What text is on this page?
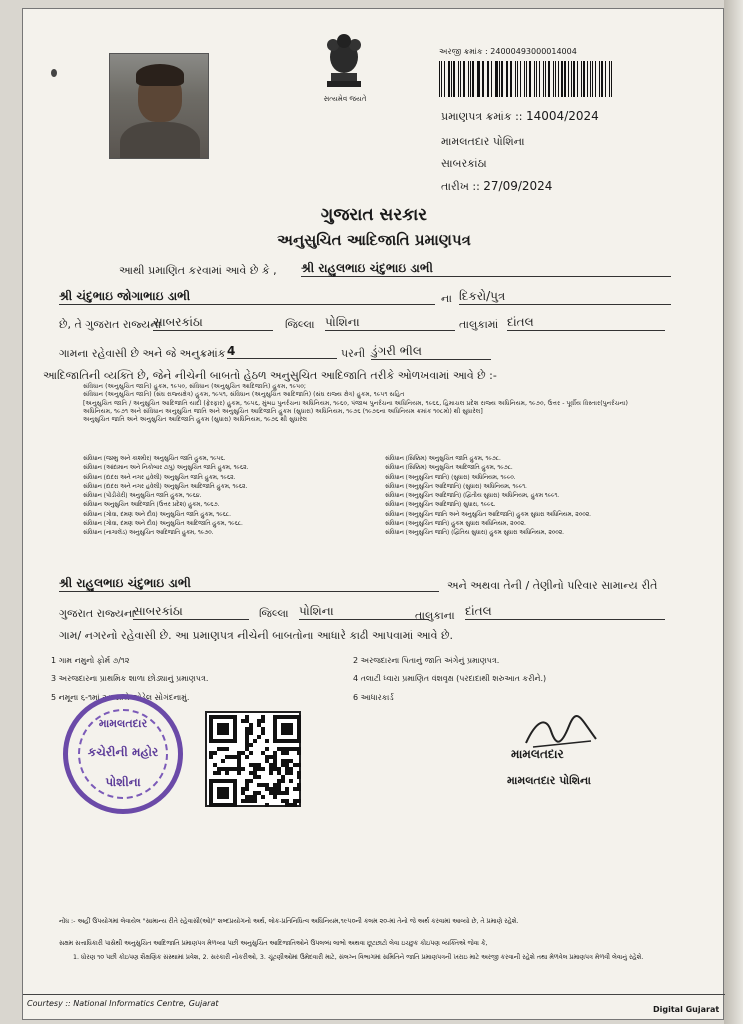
સત્યમેવ જયતે
અરજી ક્રમાંક : 24000493000014004
પ્રમાણપત્ર ક્રમાંક :: 14004/2024
મામલતદાર પોશિના
સાબરકાંઠા
તારીખ :: 27/09/2024
ગુજરાત સરકાર
અનુસુચિત આદિજાતિ પ્રમાણપત્ર
આથી પ્રમાણિત કરવામાં આવે છે કે , શ્રી રાહુલભાઇ ચંદુભાઇ ડાભી
શ્રી ચંદુભાઇ જોગાભાઇ ડાભી	ના દિકરો/પુત્ર
છે, તે ગુજરાત રાજ્યના
સાબરકાંઠા	જિલ્લા પોશિના	તાલુકામાં દાંતલ
ગામના રહેવાસી છે અને જે અનુક્રમાંક 4	પરની ડુંગરી ભીલ
આદિજાતિની વ્યક્તિ છે, જેને નીચેની બાબતો હેઠળ અનુસુચિત આદિજાતિ તરીકે ઓળખવામાં આવે છે :-
સંવિધાન (અનુસુચિત જાતિ) હુકમ, ૧૯૫૦, સંવિધાન (અનુસુચિત આદિજાતિ) હુકમ, ૧૯૫૦;
સંવિધાન (અનુસુચિત જાતિ) (સંઘ રાજ્યક્ષેત્ર) હુકમ, ૧૯૫૧, સંવિધાન (અનુસુચિત આદિજાતિ) (સંઘ રાજ્ય ક્ષેત્ર) હુકમ, ૧૯૫૧ સહિત
[અનુસુચિત જાતિ / અનુસુચિત આદિજાતિ યાદી (ફેરફાર) હુકમ, ૧૯૫૬, મુંબઇ પુનર્રચના અધિનિયમ, ૧૯૬૦, પંજાબ પુનર્રચના અધિનિયમ, ૧૯૬૬, હિમાચલ પ્રદેશ રાજ્ય અધિનિયમ, ૧૯૭૦, ઉત્તર - પૂર્વીય વિસ્તાર(પુનર્રચના)
અધિનિયમ, ૧૯૭૧ અને સંવિધાન અનુસુચિત જાતિ અને અનુસુચિત આદિજાતિ હુકમ (સુધારા) અધિનિયમ, ૧૯૭૬ (૧૯૭૬ના અધિનિયમ ક્રમાંક ૧૦૮મો) થી સુધારેલ]
અનુસુચિત જાતિ અને અનુસુચિત આદિજાતિ હુકમ (સુધારા) અધિનિયમ, ૧૯૭૬ થી સુધારેલ
સંવિધાન (જમ્મુ અને કાશ્મીર) અનુસુચિત જાતિ હુકમ, ૧૯૫૬.
સંવિધાન (આંદામાન અને નિકોબાર ટાપુ) અનુસુચિત જાતિ હુકમ, ૧૯૬૨.
સંવિધાન (દાદરા અને નગર હવેલી) અનુસુચિત જાતિ હુકમ, ૧૯૬૨.
સંવિધાન (દાદરા અને નગર હવેલી) અનુસુચિત આદિજાતિ હુકમ, ૧૯૬૨.
સંવિધાન (પોંડીચેરી) અનુસુચિત જાતિ હુકમ, ૧૯૬૪.
સંવિધાન અનુસુચિત આદિજાતિ (ઉત્તર પ્રદેશ) હુકમ, ૧૯૬૭.
સંવિધાન (ગોવા, દમણ અને દીવ) અનુસુચિત જાતિ હુકમ, ૧૯૬૮.
સંવિધાન (ગોવા, દમણ અને દીવ) અનુસુચિત આદિજાતિ હુકમ, ૧૯૬૮.
સંવિધાન (નાગાલેંડ) અનુસુચિત આદિજાતિ હુકમ, ૧૯૭૦.
સંવિધાન (સિક્કિમ) અનુસુચિત જાતિ હુકમ, ૧૯૭૮.
સંવિધાન (સિક્કિમ) અનુસુચિત આદિજાતિ હુકમ, ૧૯૭૮.
સંવિધાન (અનુસુચિત જાતિ) (સુધારા) અધિનિયમ, ૧૯૯૦.
સંવિધાન (અનુસુચિત આદિજાતિ) (સુધારા) અધિનિયમ, ૧૯૯૧.
સંવિધાન (અનુસુચિત આદિજાતિ) (દ્વિતીય સુધારા) અધિનિયમ, હુકમ ૧૯૯૧.
સંવિધાન (અનુસુચિત આદિજાતિ) સુધારા, ૧૯૯૬.
સંવિધાન (અનુસુચિત જાતિ અને અનુસુચિત આદિજાતિ) હુકમ સુધારા અધિનિયમ, ૨૦૦૨.
સંવિધાન (અનુસુચિત જાતિ) હુકમ સુધારા અધિનિયમ, ૨૦૦૨.
સંવિધાન (અનુસુચિત જાતિ) (દ્વિતિય સુધારા) હુકમ સુધારા અધિનિયમ, ૨૦૦૨.
શ્રી રાહુલભાઇ ચંદુભાઇ ડાભી	અને અથવા તેની / તેણીનો પરિવાર સામાન્ય રીતે
ગુજરાત રાજ્યના
સાબરકાંઠા	જિલ્લા પોશિના	તાલુકાના દાંતલ
ગામ/ નગરનો રહેવાસી છે. આ પ્રમાણપત્ર નીચેની બાબતોના આધારે કાઢી આપવામાં આવે છે.
1 ગામ નમુનો ફોર્મ ૭/૧૨
3 અરજદારના પ્રાથમિક શાળા છોડ્યાનું પ્રમાણપત્ર.
5 નમૂના ૬-૧માં આ સાથે જોડેલ સોગંદનામું.
2 અરજદારના પિતાનું જાતિ અંગેનું પ્રમાણપત્ર.
4 તલાટી ધ્વારા પ્રમાણિત વંશવૃક્ષ (પરદાદાથી શરુઆત કરીને.)
6 આધારકાર્ડ
મામલતદાર
કચેરીની મહોર
પોશીના
મામલતદાર
મામલતદાર પોશિના
નોંધ :- અહીં ઉપયોગમાં લેવાયેલ "સામાન્ય રીતે રહેવાસી(ઓ)" શબ્દપ્રયોગનો અર્થ, લોક-પ્રતિનિધિત્વ અધિનિયમ,૧૯૫૦ની કલમ ૨૦-માં તેનો જે અર્થ કરવામાં આવ્યો છે, તે પ્રમાણે રહેશે.
સક્ષમ સત્તાધિકારી પાસેથી અનુસુચિત આદિજાતિ પ્રમાણપત્ર મેળવ્યા પછી અનુસુચિત આદિજાતિઓને ઉપલબ્ધ લાભો અથવા છૂટછાટો લેવા ઇચ્છુક કોઇપણ વ્યક્તિએ જેવા કે,
1. ધોરણ ૧૦ પછી કોઇપણ શૈક્ષણિક સંસ્થામાં પ્રવેશ, 2. સરકારી નોકરીઓ, 3. ચૂંટણીઓમાં ઉમેદવારી માટે, સંલગ્ન વિભાગમાં સમિતિને જાતિ પ્રમાણપત્રની ખરાઇ માટે અરજી કરવાની રહેશે તથા મેળવેલ પ્રમાણપત્ર મેળવી લેવાનું રહેશે.
Courtesy :: National Informatics Centre, Gujarat
Digital Gujarat
